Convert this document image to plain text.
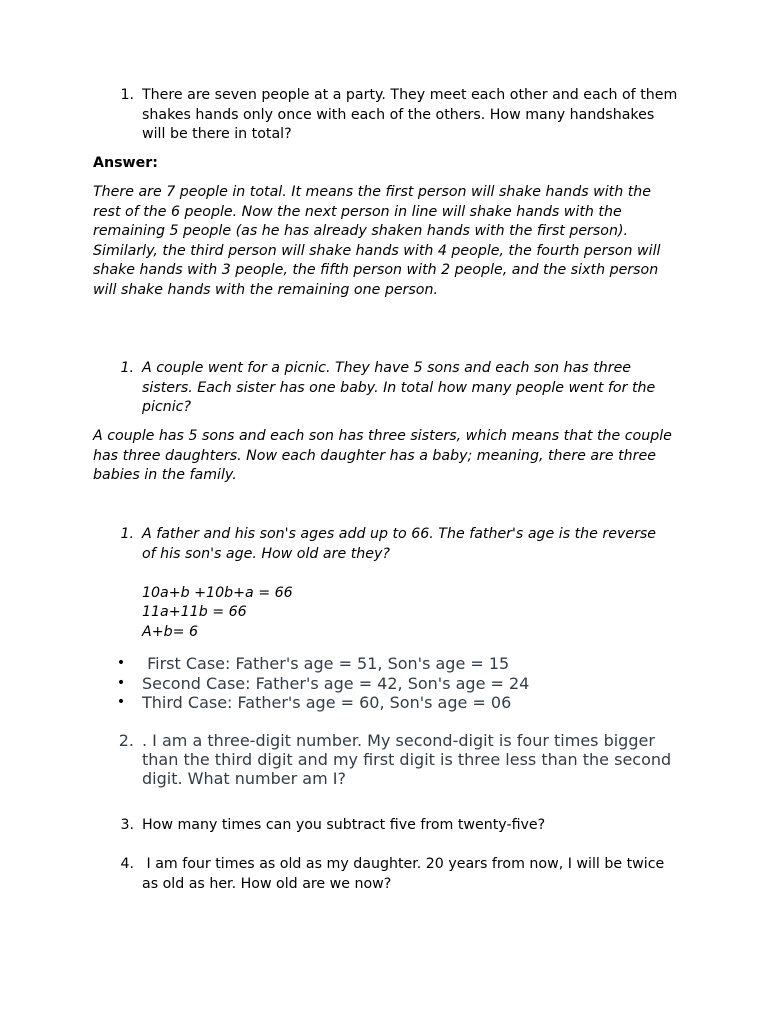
1. There are seven people at a party. They meet each other and each of them shakes hands only once with each of the others. How many handshakes will be there in total?
Answer:
There are 7 people in total. It means the first person will shake hands with the rest of the 6 people. Now the next person in line will shake hands with the remaining 5 people (as he has already shaken hands with the first person). Similarly, the third person will shake hands with 4 people, the fourth person will shake hands with 3 people, the fifth person with 2 people, and the sixth person will shake hands with the remaining one person.
1. A couple went for a picnic. They have 5 sons and each son has three sisters. Each sister has one baby. In total how many people went for the picnic?
A couple has 5 sons and each son has three sisters, which means that the couple has three daughters. Now each daughter has a baby; meaning, there are three babies in the family.
1. A father and his son's ages add up to 66. The father's age is the reverse of his son's age. How old are they?
10a+b +10b+a = 66
11a+11b = 66
A+b= 6
• First Case: Father's age = 51, Son's age = 15
• Second Case: Father's age = 42, Son's age = 24
• Third Case: Father's age = 60, Son's age = 06
2. . I am a three-digit number. My second-digit is four times bigger than the third digit and my first digit is three less than the second digit. What number am I?
3. How many times can you subtract five from twenty-five?
4. I am four times as old as my daughter. 20 years from now, I will be twice as old as her. How old are we now?
